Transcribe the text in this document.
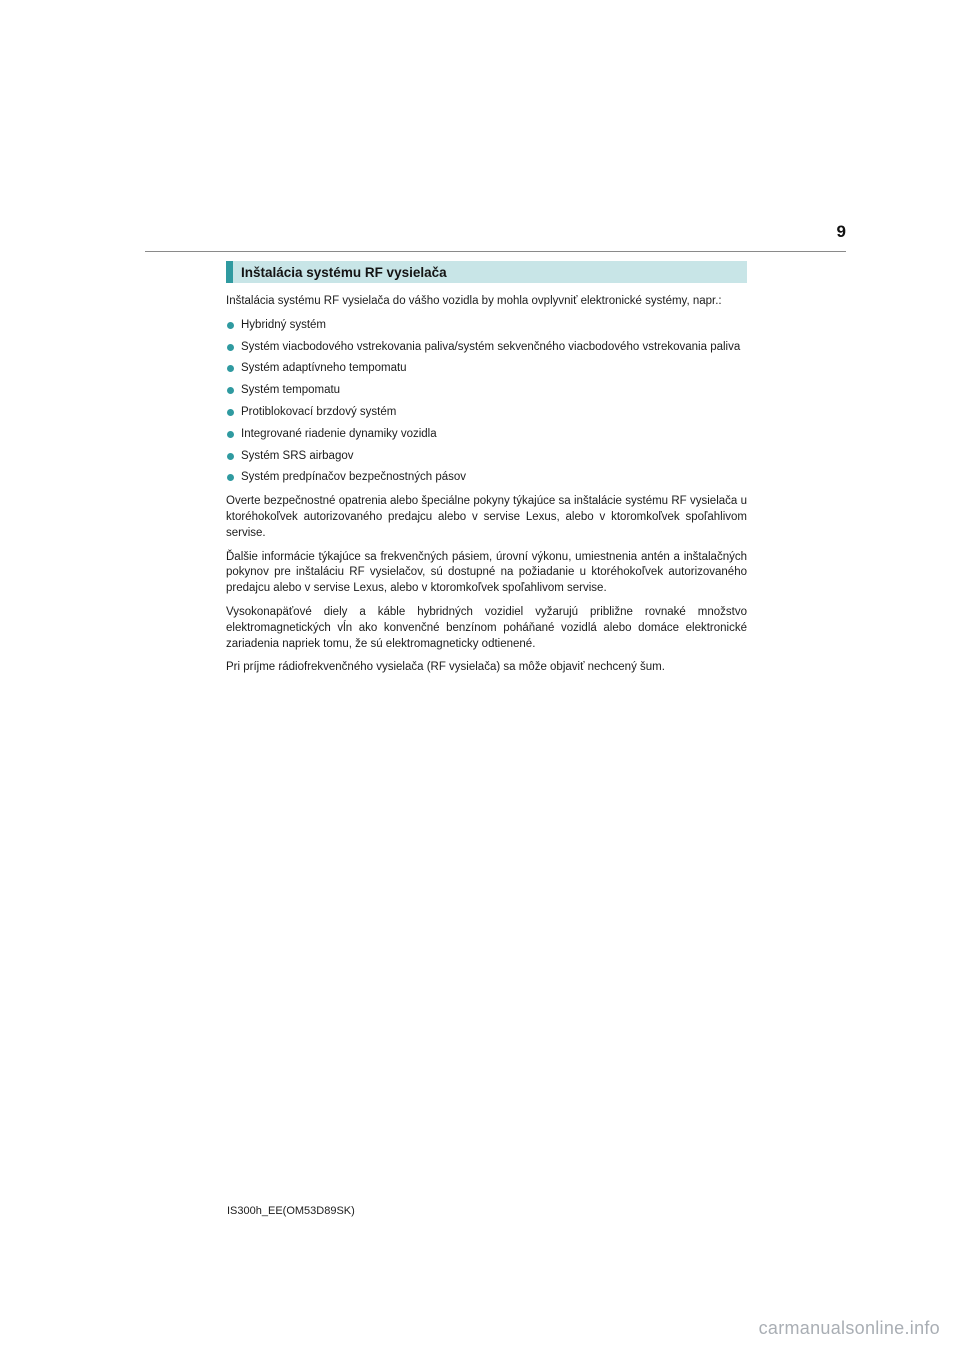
9
Inštalácia systému RF vysielača

Inštalácia systému RF vysielača do vášho vozidla by mohla ovplyvniť elektronické systémy, napr.:

Hybridný systém
Systém viacbodového vstrekovania paliva/systém sekvenčného viacbodového vstrekovania paliva
Systém adaptívneho tempomatu
Systém tempomatu
Protiblokovací brzdový systém
Integrované riadenie dynamiky vozidla
Systém SRS airbagov
Systém predpínačov bezpečnostných pásov

Overte bezpečnostné opatrenia alebo špeciálne pokyny týkajúce sa inštalácie systému RF vysielača u ktoréhokoľvek autorizovaného predajcu alebo v servise Lexus, alebo v ktoromkoľvek spoľahlivom servise.

Ďalšie informácie týkajúce sa frekvenčných pásiem, úrovní výkonu, umiestnenia antén a inštalačných pokynov pre inštaláciu RF vysielačov, sú dostupné na požiadanie u ktoréhokoľvek autorizovaného predajcu alebo v servise Lexus, alebo v ktoromkoľvek spoľahlivom servise.

Vysokonapäťové diely a káble hybridných vozidiel vyžarujú približne rovnaké množstvo elektromagnetických vĺn ako konvenčné benzínom poháňané vozidlá alebo domáce elektronické zariadenia napriek tomu, že sú elektromagneticky odtienené.

Pri príjme rádiofrekvenčného vysielača (RF vysielača) sa môže objaviť nechcený šum.

IS300h_EE(OM53D89SK)
carmanualsonline.info
